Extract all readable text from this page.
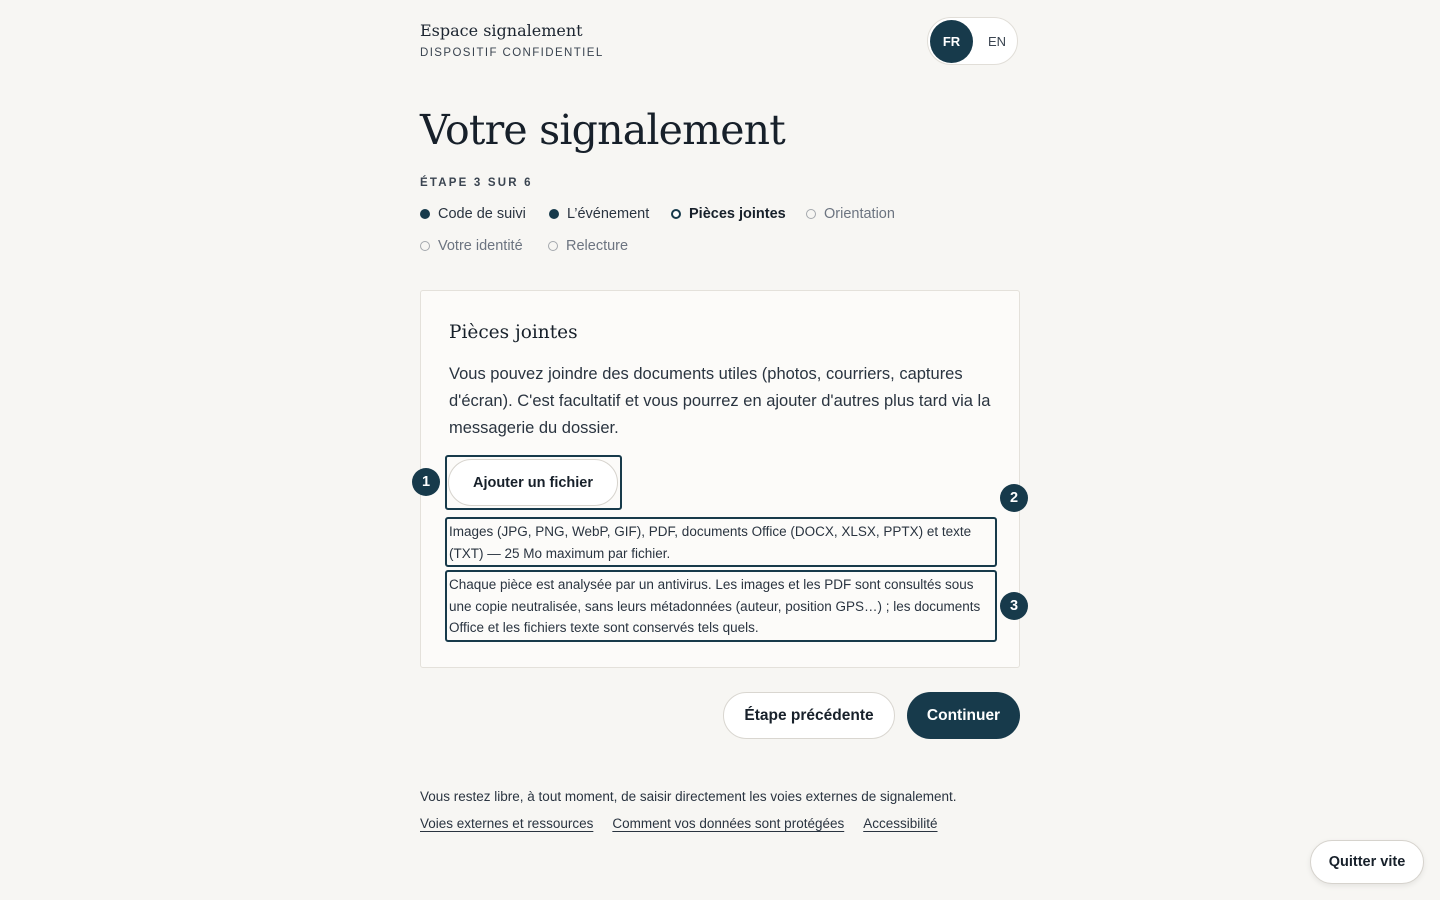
Espace signalement
DISPOSITIF CONFIDENTIEL
FR	EN
Votre signalement
ÉTAPE 3 SUR 6
Code de suivi	L’événement	Pièces jointes	Orientation
Votre identité	Relecture
Pièces jointes

Vous pouvez joindre des documents utiles (photos, courriers, captures d'écran). C'est facultatif et vous pourrez en ajouter d'autres plus tard via la messagerie du dossier.

Ajouter un fichier
Images (JPG, PNG, WebP, GIF), PDF, documents Office (DOCX, XLSX, PPTX) et texte (TXT) — 25 Mo maximum par fichier.
Chaque pièce est analysée par un antivirus. Les images et les PDF sont consultés sous une copie neutralisée, sans leurs métadonnées (auteur, position GPS…) ; les documents Office et les fichiers texte sont conservés tels quels.
Étape précédente	Continuer
Vous restez libre, à tout moment, de saisir directement les voies externes de signalement.
Voies externes et ressources Comment vos données sont protégées Accessibilité
1
2
3
Quitter vite
